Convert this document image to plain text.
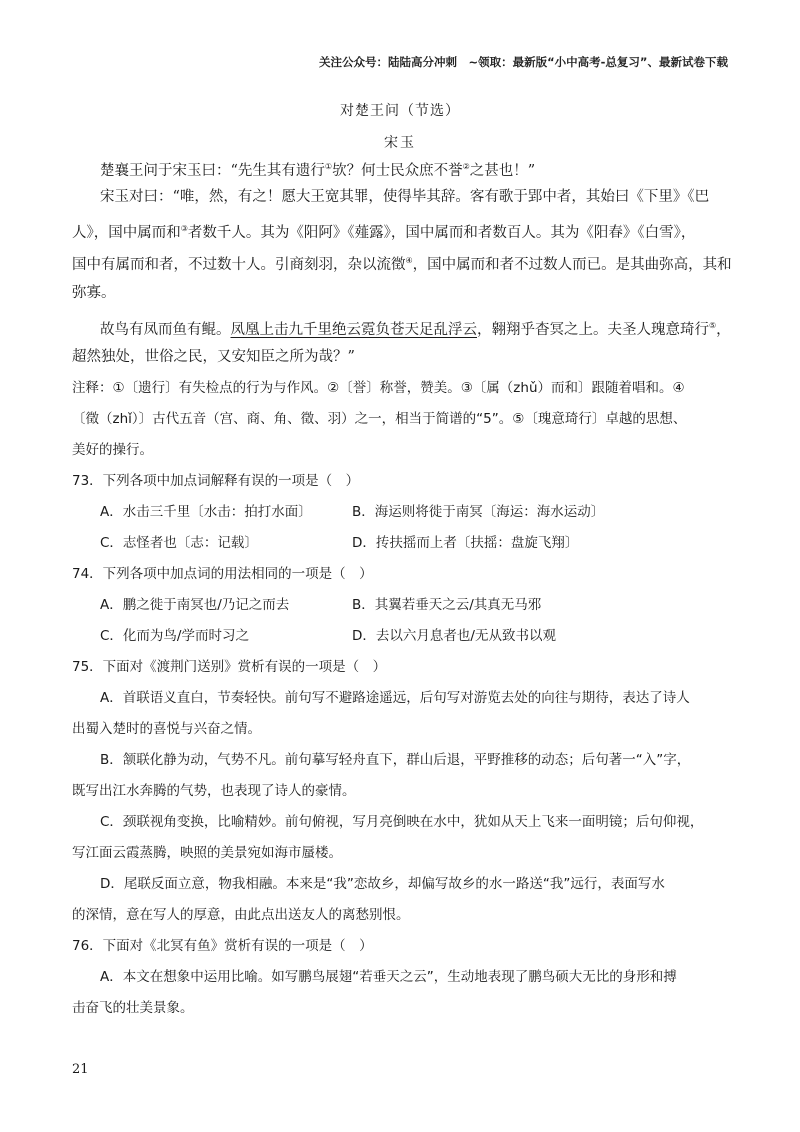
关注公众号：陆陆高分冲刺　~领取：最新版“小中高考-总复习”、最新试卷下载
对楚王问（节选）
宋玉
楚襄王问于宋玉曰：“先生其有遗行①欤？何士民众庶不誉②之甚也！”
宋玉对曰：“唯，然，有之！愿大王宽其罪，使得毕其辞。客有歌于郢中者，其始曰《下里》《巴
人》，国中属而和③者数千人。其为《阳阿》《薤露》，国中属而和者数百人。其为《阳春》《白雪》，
国中有属而和者，不过数十人。引商刻羽，杂以流徵④，国中属而和者不过数人而已。是其曲弥高，其和
弥寡。
故鸟有凤而鱼有鲲。凤凰上击九千里绝云霓负苍天足乱浮云，翱翔乎杳冥之上。夫圣人瑰意琦行⑤，
超然独处，世俗之民，又安知臣之所为哉？”
注释：①〔遗行〕有失检点的行为与作风。②〔誉〕称誉，赞美。③〔属（zhǔ）而和〕跟随着唱和。④
〔徵（zhǐ）〕古代五音（宫、商、角、徵、羽）之一，相当于简谱的“5”。⑤〔瑰意琦行〕卓越的思想、
美好的操行。
73．下列各项中加点词解释有误的一项是（　）
A．水击三千里〔水击：拍打水面〕	B．海运则将徙于南冥〔海运：海水运动〕
C．志怪者也〔志：记载〕	D．抟扶摇而上者〔扶摇：盘旋飞翔〕
74．下列各项中加点词的用法相同的一项是（　）
A．鹏之徙于南冥也/乃记之而去	B．其翼若垂天之云/其真无马邪
C．化而为鸟/学而时习之	D．去以六月息者也/无从致书以观
75．下面对《渡荆门送别》赏析有误的一项是（　）
A．首联语义直白，节奏轻快。前句写不避路途遥远，后句写对游览去处的向往与期待，表达了诗人
出蜀入楚时的喜悦与兴奋之情。
B．颔联化静为动，气势不凡。前句摹写轻舟直下，群山后退，平野推移的动态；后句著一“入”字，
既写出江水奔腾的气势，也表现了诗人的豪情。
C．颈联视角变换，比喻精妙。前句俯视，写月亮倒映在水中，犹如从天上飞来一面明镜；后句仰视，
写江面云霞蒸腾，映照的美景宛如海市蜃楼。
D．尾联反面立意，物我相融。本来是“我”恋故乡，却偏写故乡的水一路送“我”远行，表面写水
的深情，意在写人的厚意，由此点出送友人的离愁别恨。
76．下面对《北冥有鱼》赏析有误的一项是（　）
A．本文在想象中运用比喻。如写鹏鸟展翅“若垂天之云”，生动地表现了鹏鸟硕大无比的身形和搏
击奋飞的壮美景象。
21
